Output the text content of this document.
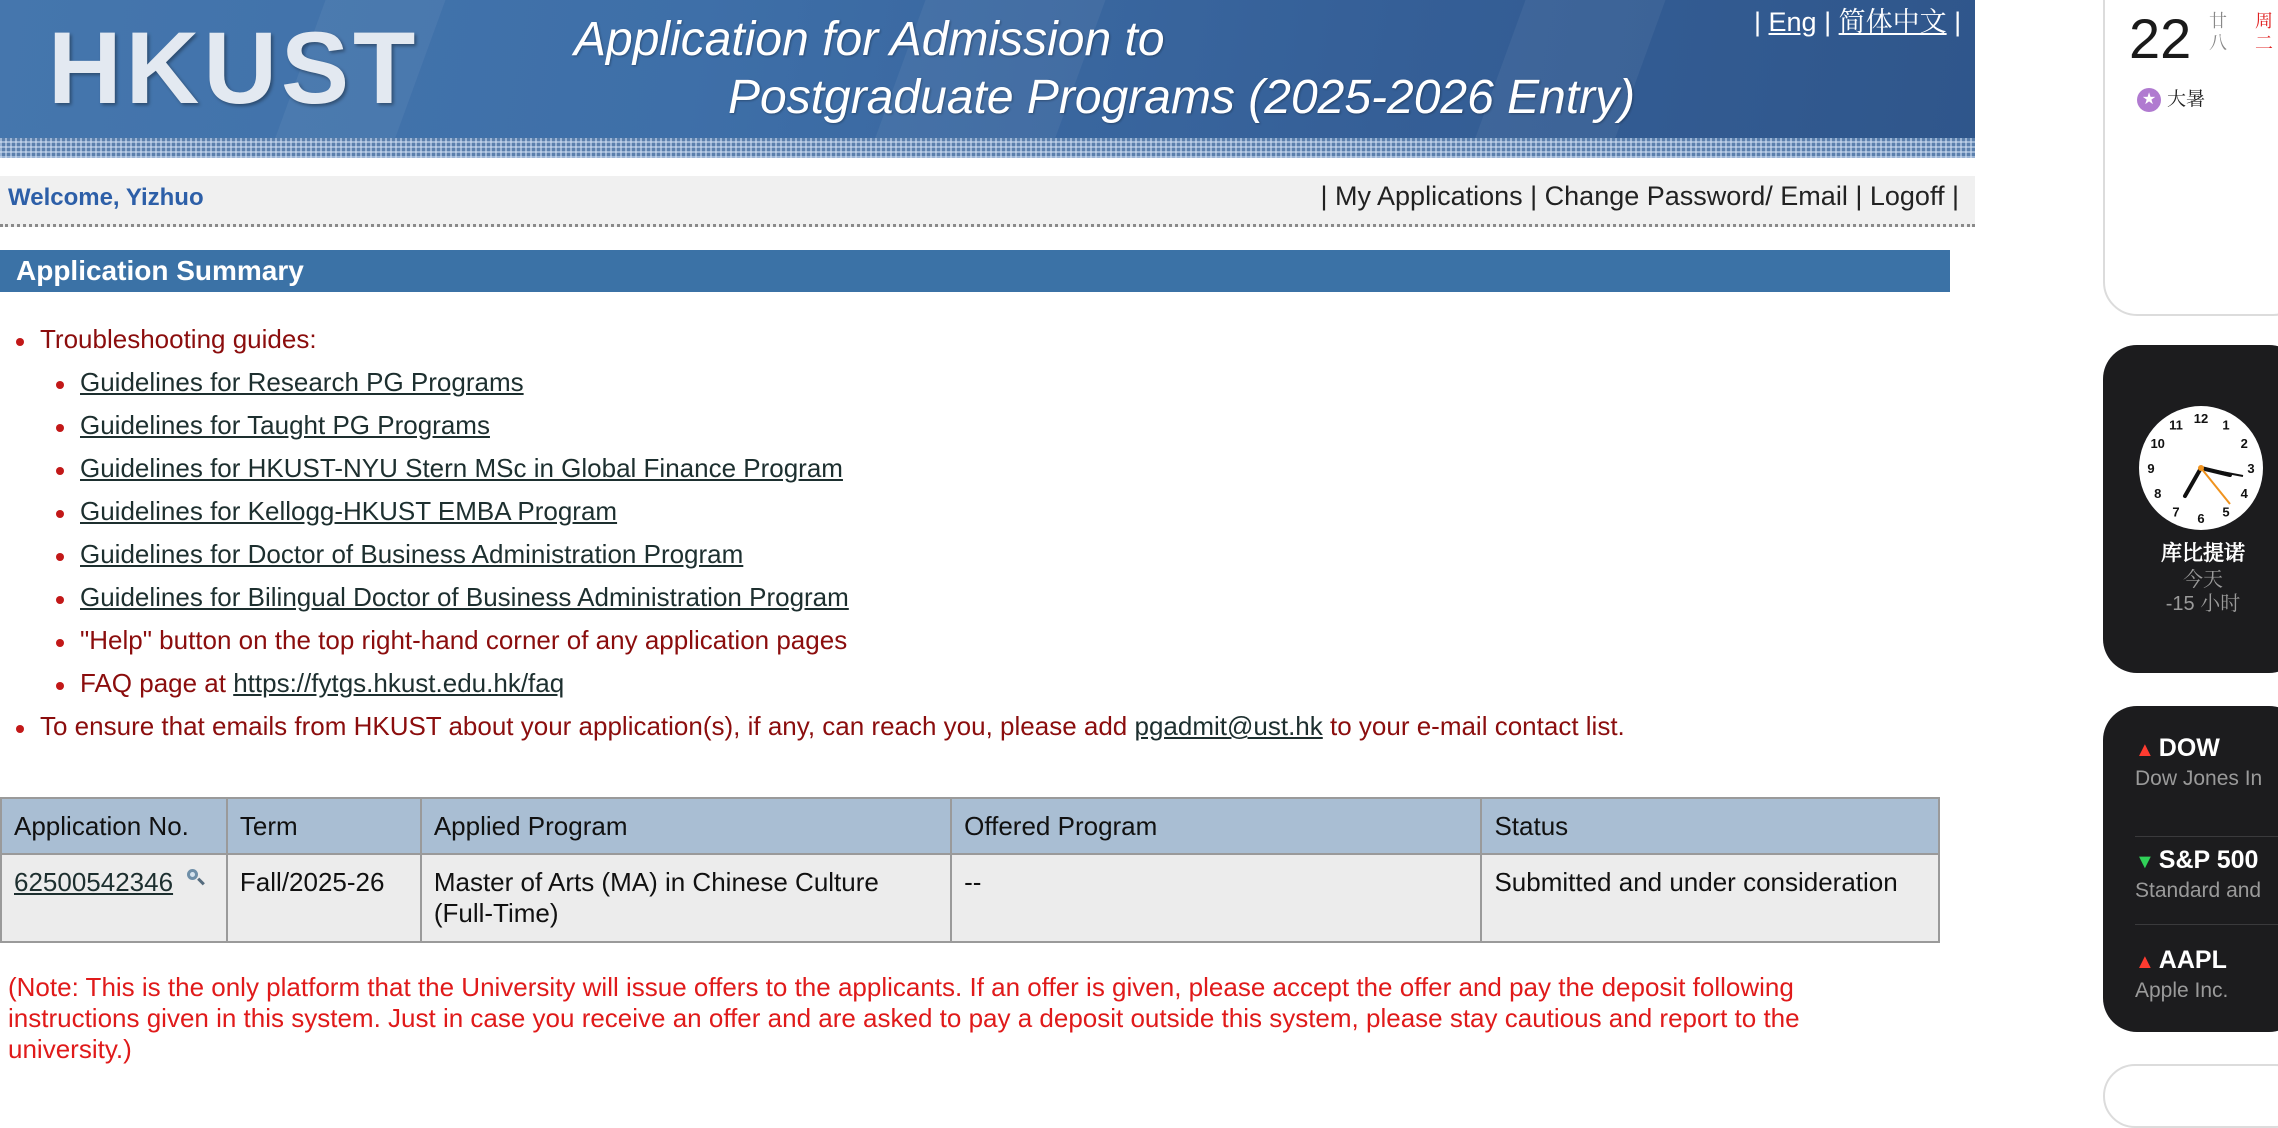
HKUST	Application for Admission to
Postgraduate Programs (2025-2026 Entry)
| Eng | 简体中文 |
Welcome, Yizhuo	| My Applications | Change Password/ Email | Logoff |
Application Summary
Troubleshooting guides:
Guidelines for Research PG Programs
Guidelines for Taught PG Programs
Guidelines for HKUST-NYU Stern MSc in Global Finance Program
Guidelines for Kellogg-HKUST EMBA Program
Guidelines for Doctor of Business Administration Program
Guidelines for Bilingual Doctor of Business Administration Program
"Help" button on the top right-hand corner of any application pages
FAQ page at https://fytgs.hkust.edu.hk/faq
To ensure that emails from HKUST about your application(s), if any, can reach you, please add pgadmit@ust.hk to your e-mail contact list.
Application No.	Term	Applied Program	Offered Program	Status
62500542346	Fall/2025-26	Master of Arts (MA) in Chinese Culture (Full-Time)	--	Submitted and under consideration
(Note: This is the only platform that the University will issue offers to the applicants. If an offer is given, please accept the offer and pay the deposit following instructions given in this system. Just in case you receive an offer and are asked to pay a deposit outside this system, please stay cautious and report to the university.)
22 廿
八
周
二
★ 大暑
12 1
2
3
4
5
6
7
8
9
10
11
库比提诺
今天
-15 小时
▲ DOW
Dow Jones In
▼ S&P 500
Standard and
▲ AAPL
Apple Inc.
